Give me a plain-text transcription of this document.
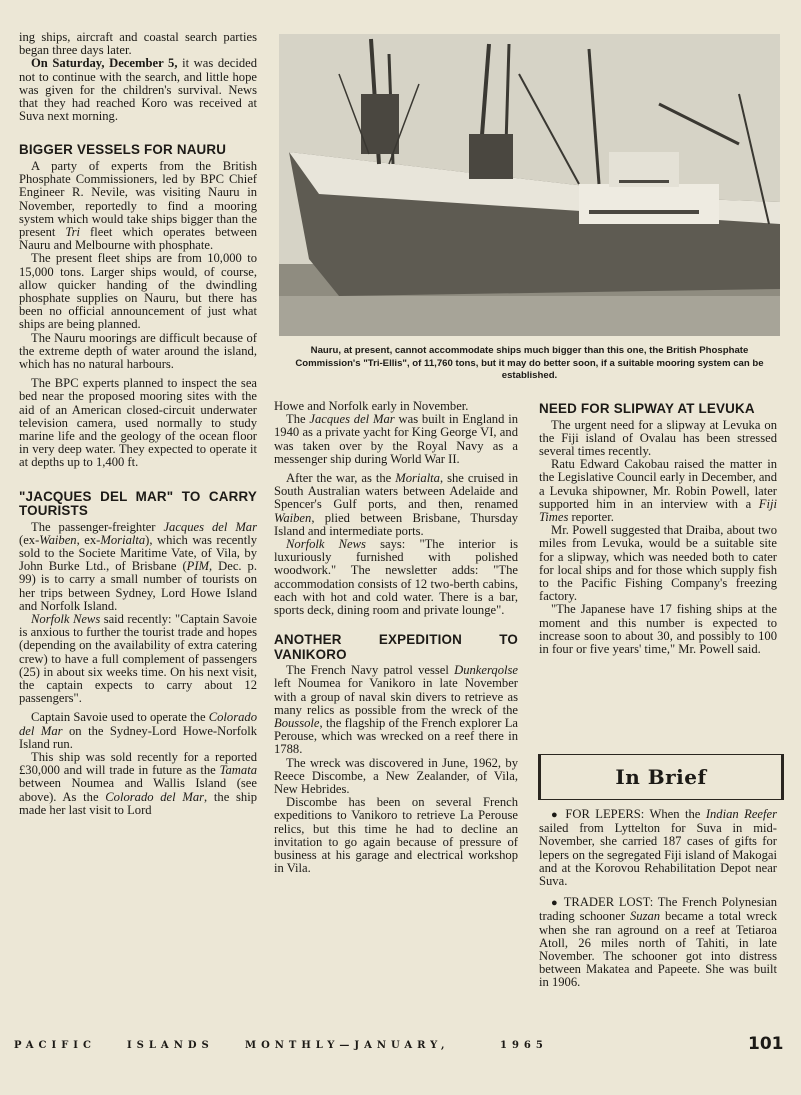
ing ships, aircraft and coastal search parties began three days later.

On Saturday, December 5, it was decided not to continue with the search, and little hope was given for the children's survival. News that they had reached Koro was received at Suva next morning.

BIGGER VESSELS FOR NAURU

A party of experts from the British Phosphate Commissioners, led by BPC Chief Engineer R. Nevile, was visiting Nauru in November, reportedly to find a mooring system which would take ships bigger than the present Tri fleet which operates between Nauru and Melbourne with phosphate.

The present fleet ships are from 10,000 to 15,000 tons. Larger ships would, of course, allow quicker handing of the dwindling phosphate supplies on Nauru, but there has been no official announcement of just what ships are being planned.

The Nauru moorings are difficult because of the extreme depth of water around the island, which has no natural harbours.

The BPC experts planned to inspect the sea bed near the proposed mooring sites with the aid of an American closed-circuit underwater television camera, used normally to study marine life and the geology of the ocean floor in very deep water. They expected to operate it at depths up to 1,400 ft.

"JACQUES DEL MAR" TO CARRY TOURISTS

The passenger-freighter Jacques del Mar (ex-Waiben, ex-Morialta), which was recently sold to the Societe Maritime Vate, of Vila, by John Burke Ltd., of Brisbane (PIM, Dec. p. 99) is to carry a small number of tourists on her trips between Sydney, Lord Howe Island and Norfolk Island.

Norfolk News said recently: "Captain Savoie is anxious to further the tourist trade and hopes (depending on the availability of extra catering crew) to have a full complement of passengers (25) in about six weeks time. On his next visit, the captain expects to carry about 12 passengers".

Captain Savoie used to operate the Colorado del Mar on the Sydney-Lord Howe-Norfolk Island run.

This ship was sold recently for a reported £30,000 and will trade in future as the Tamata between Noumea and Wallis Island (see above). As the Colorado del Mar, the ship made her last visit to Lord

Nauru, at present, cannot accommodate ships much bigger than this one, the British Phosphate Commission's "Tri-Ellis", of 11,760 tons, but it may do better soon, if a suitable mooring system can be established.

Howe and Norfolk early in November.

The Jacques del Mar was built in England in 1940 as a private yacht for King George VI, and was taken over by the Royal Navy as a messenger ship during World War II.

After the war, as the Morialta, she cruised in South Australian waters between Adelaide and Spencer's Gulf ports, and then, renamed Waiben, plied between Brisbane, Thursday Island and intermediate ports.

Norfolk News says: "The interior is luxuriously furnished with polished woodwork." The newsletter adds: "The accommodation consists of 12 two-berth cabins, each with hot and cold water. There is a bar, sports deck, dining room and private lounge".

ANOTHER EXPEDITION TO VANIKORO

The French Navy patrol vessel Dunkerqolse left Noumea for Vanikoro in late November with a group of naval skin divers to retrieve as many relics as possible from the wreck of the Boussole, the flagship of the French explorer La Perouse, which was wrecked on a reef there in 1788.

The wreck was discovered in June, 1962, by Reece Discombe, a New Zealander, of Vila, New Hebrides.

Discombe has been on several French expeditions to Vanikoro to retrieve La Perouse relics, but this time he had to decline an invitation to go again because of pressure of business at his garage and electrical workshop in Vila.

NEED FOR SLIPWAY AT LEVUKA

The urgent need for a slipway at Levuka on the Fiji island of Ovalau has been stressed several times recently.

Ratu Edward Cakobau raised the matter in the Legislative Council early in December, and a Levuka shipowner, Mr. Robin Powell, later supported him in an interview with a Fiji Times reporter.

Mr. Powell suggested that Draiba, about two miles from Levuka, would be a suitable site for a slipway, which was needed both to cater for local ships and for those which supply fish to the Pacific Fishing Company's freezing factory.

"The Japanese have 17 fishing ships at the moment and this number is expected to increase soon to about 30, and possibly to 100 in four or five years' time," Mr. Powell said.

In Brief

● FOR LEPERS: When the Indian Reefer sailed from Lyttelton for Suva in mid-November, she carried 187 cases of gifts for lepers on the segregated Fiji island of Makogai and at the Korovou Rehabilitation Depot near Suva.

● TRADER LOST: The French Polynesian trading schooner Suzan became a total wreck when she ran aground on a reef at Tetiaroa Atoll, 26 miles north of Tahiti, in late November. The schooner got into distress between Makatea and Papeete. She was built in 1906.

PACIFIC	ISLANDS	MONTHLY—JANUARY,	1965	101
